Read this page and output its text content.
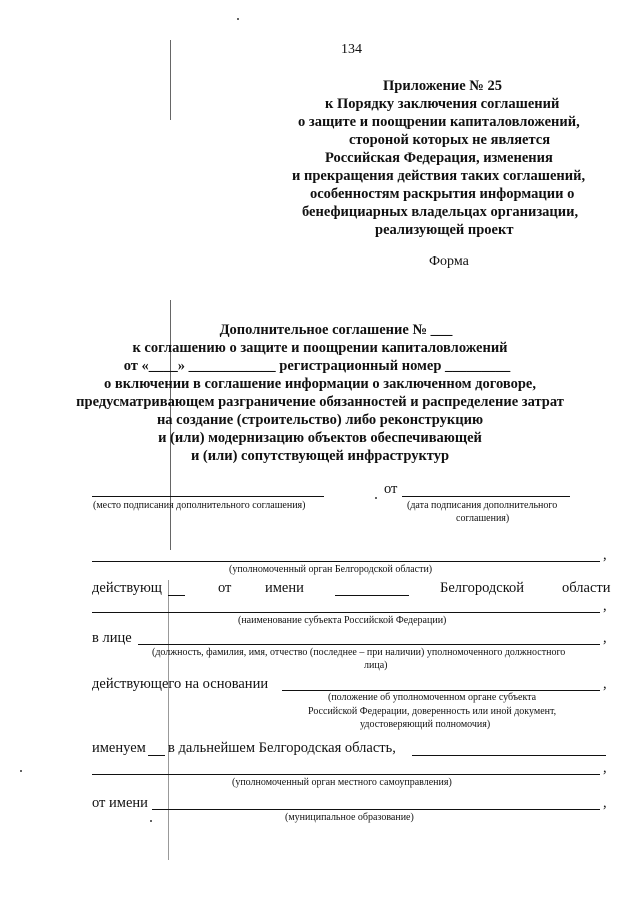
134
Приложение № 25
к Порядку заключения соглашений
о защите и поощрении капиталовложений,
стороной которых не является
Российская Федерация, изменения
и прекращения действия таких соглашений,
особенностям раскрытия информации о
бенефициарных владельцах организации,
реализующей проект
Форма
Дополнительное соглашение № ___
к соглашению о защите и поощрении капиталовложений
от «____» ____________ регистрационный номер _________
о включении в соглашение информации о заключенном договоре,
предусматривающем разграничение обязанностей и распределение затрат
на создание (строительство) либо реконструкцию
и (или) модернизацию объектов обеспечивающей
и (или) сопутствующей инфраструктур
(место подписания дополнительного соглашения)
от
(дата подписания дополнительного
соглашения)
,
(уполномоченный орган Белгородской области)
действующ	от имени	Белгородской	области
,
(наименование субъекта Российской Федерации)
в лице	,
(должность, фамилия, имя, отчество (последнее – при наличии) уполномоченного должностного
лица)
действующего на основании	,
(положение об уполномоченном органе субъекта
Российской Федерации, доверенность или иной документ,
удостоверяющий полномочия)
именуем в дальнейшем Белгородская область,
,
(уполномоченный орган местного самоуправления)
от имени	,
(муниципальное образование)
